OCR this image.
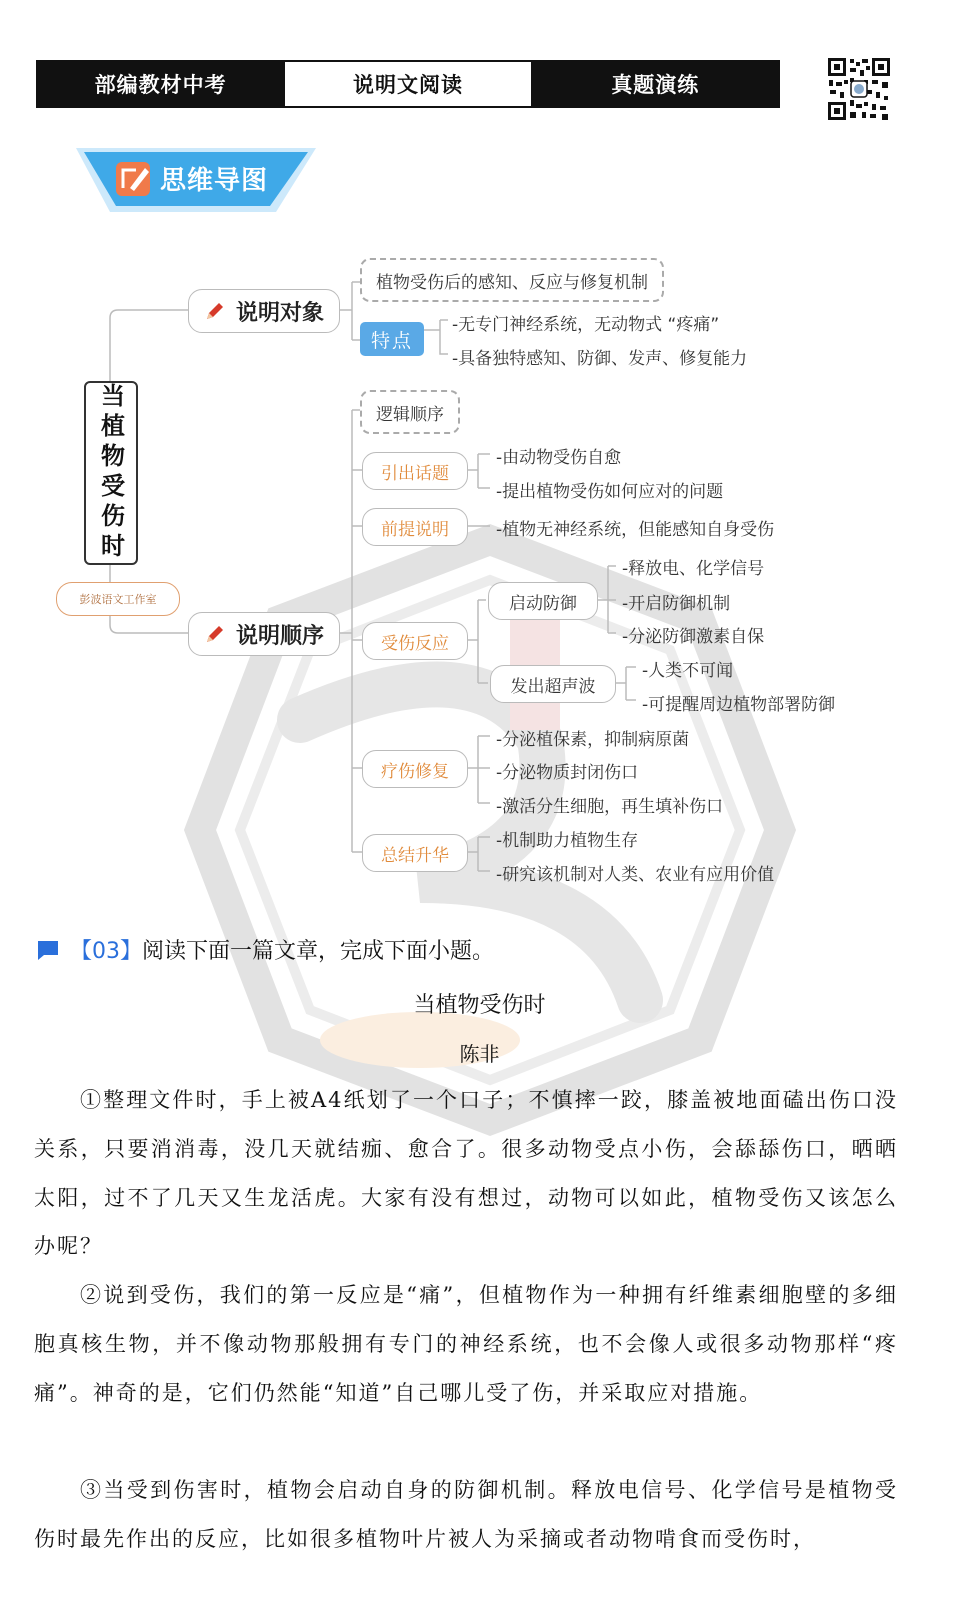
部编教材中考	说明文阅读	真题演练
思维导图
当植物受伤时
彭波语文工作室
说明对象
植物受伤后的感知、反应与修复机制
特点
-无专门神经系统，无动物式 “疼痛”
-具备独特感知、防御、发声、修复能力
说明顺序
逻辑顺序
引出话题
-由动物受伤自愈
-提出植物受伤如何应对的问题
前提说明	-植物无神经系统，但能感知自身受伤
受伤反应
启动防御
-释放电、化学信号
-开启防御机制
-分泌防御激素自保
发出超声波
-人类不可闻
-可提醒周边植物部署防御
疗伤修复
-分泌植保素，抑制病原菌
-分泌物质封闭伤口
-激活分生细胞，再生填补伤口
总结升华
-机制助力植物生存
-研究该机制对人类、农业有应用价值
【03】 阅读下面一篇文章，完成下面小题。
当植物受伤时
陈非
①整理文件时，手上被A4纸划了一个口子；不慎摔一跤，膝盖被地面磕出伤口没关系，只要消消毒，没几天就结痂、愈合了。很多动物受点小伤，会舔舔伤口，晒晒太阳，过不了几天又生龙活虎。大家有没有想过，动物可以如此，植物受伤又该怎么办呢？
②说到受伤，我们的第一反应是“痛”，但植物作为一种拥有纤维素细胞壁的多细胞真核生物，并不像动物那般拥有专门的神经系统，也不会像人或很多动物那样“疼痛”。神奇的是，它们仍然能“知道”自己哪儿受了伤，并采取应对措施。
③当受到伤害时，植物会启动自身的防御机制。释放电信号、化学信号是植物受伤时最先作出的反应，比如很多植物叶片被人为采摘或者动物啃食而受伤时，
